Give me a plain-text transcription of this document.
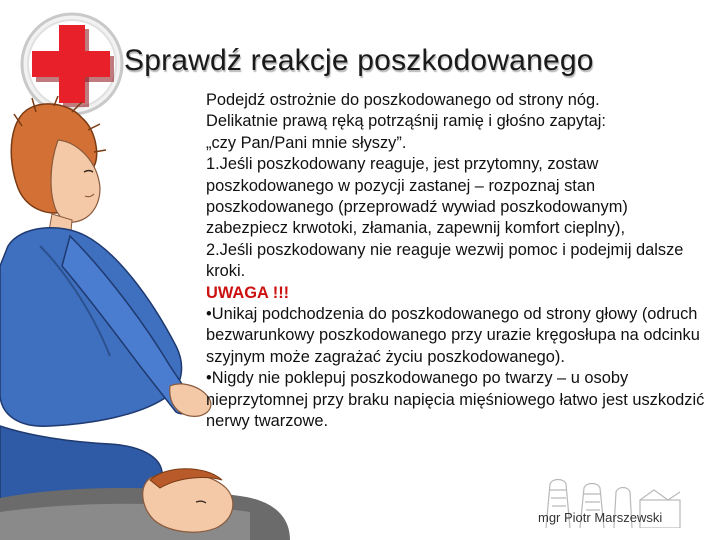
Sprawdź reakcje poszkodowanego

Podejdź ostrożnie do poszkodowanego od strony nóg.

Delikatnie prawą ręką potrząśnij ramię i głośno zapytaj:

„czy Pan/Pani mnie słyszy”.

1.Jeśli poszkodowany reaguje, jest przytomny, zostaw poszkodowanego w pozycji zastanej – rozpoznaj stan poszkodowanego (przeprowadź wywiad poszkodowanym) zabezpiecz krwotoki, złamania, zapewnij komfort cieplny),

2.Jeśli poszkodowany nie reaguje wezwij pomoc i podejmij dalsze kroki.

UWAGA !!!

•Unikaj podchodzenia do poszkodowanego od strony głowy (odruch bezwarunkowy poszkodowanego przy urazie kręgosłupa na odcinku szyjnym może zagrażać życiu poszkodowanego).

•Nigdy nie poklepuj poszkodowanego po twarzy – u osoby nieprzytomnej przy braku napięcia mięśniowego łatwo jest uszkodzić nerwy twarzowe.

mgr Piotr Marszewski
